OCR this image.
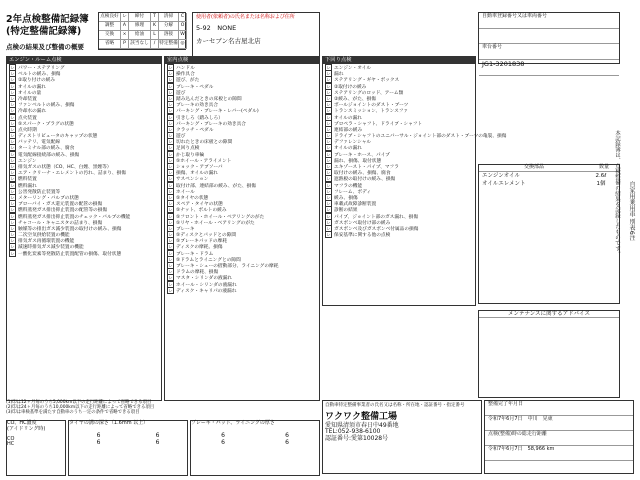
2年点検整備記録簿
(特定整備記録簿)
点検の結果及び整備の概要
点検良好 レ	締付	T	清掃	C
調整	A	修理	K	分解	O
交換	×	給油	L	溶接	W
省略	P 該当なし	/ 特定整備 ◎
使用者(依頼者)の氏名または名称および住所
5-92　NONE
カーセブン名古屋北店
自動車登録番号又は車両番号
車台番号
JG1-3201838
エンジン・ルーム点検
レ パワー・ステアリング
レ ベルトの緩み、損傷
レ ②取り付けの緩み
レ オイルの漏れ
レ オイルの量
レ 冷却装置
レ ファンベルトの緩み、損傷
レ 冷却水の漏れ
レ 点火装置
レ ⑤スパーク・プラグの状態
レ 点火時期
レ ディストリビュータのキャップの状態
レ バッテリ、電気配線
レ ターミナル部の緩み、腐食
レ 電気配線接続部の緩み、損傷
レ エンジン
レ 排気ガスの状態（CO、HC、白煙、黒煙等）
レ エア・クリーナ・エレメントの汚れ、詰まり、損傷
レ 燃料装置
レ 燃料漏れ
レ 公害発散防止装置等
レ メターリング・バルブの状態
レ ブローバイ・ガス還元装置の配管の損傷
レ 燃料蒸発ガス排出抑止装置の配管等の損傷
レ 燃料蒸発ガス排出抑止装置のチェック・バルブの機能
レ チャコール・キャニスタの詰まり、損傷
レ 触媒等の排出ガス減少装置の取付けの緩み、損傷
レ 二次空気供給装置の機能
レ 排気ガス再循環装置の機能
レ 減速時排気ガス減少装置の機能
レ 一酸化炭素等発散防止装置配管の損傷、取付状態
室内点検
レ ハンドル
レ 操作具合
レ 遊び、がた
レ ブレーキ・ペダル
レ 遊び
レ 踏み込んだときの床板との隙間
レ ブレーキの効き具合
レ パーキング・ブレーキ・レバー(ペダル)
レ 引きしろ（踏みしろ）
レ パーキング・ブレーキの効き具合
レ クラッチ・ペダル
レ 遊び
レ 切れたときの床板との隙間
レ 足回り点検
レ かじ取り車輪
レ ⑤ホイール・アライメント
レ ショック・アブソーバ
レ 損傷、オイルの漏れ
レ サスペンション
レ 取付け部、連結部の緩み、がた、損傷
レ ホイール
レ ⑤タイヤの状態
レ スペア・タイヤの状態
レ ⑤ナット、ボルトの緩み
レ ⑤フロント・ホイール・ベアリングのがた
レ ⑤リヤ・ホイール・ベアリングのがた
レ ブレーキ
レ ⑤ディスクとパッドとの隙間
レ ⑤ブレーキパッドの摩耗
レ ディスクの摩耗、損傷
レ ブレーキ・ドラム
レ ⑤ドラムとライニングとの隙間
レ ブレーキ・シューの摺動部分、ライニングの摩耗
レ ドラムの摩耗、損傷
レ マスタ・シリンダの液漏れ
レ ホイール・シリンダの液漏れ
レ ディスク・キャリパの液漏れ
下回り点検
レ エンジン・オイル
レ 漏れ
レ ステアリング・ギヤ・ボックス
レ ②取付けの緩み
レ ステアリングのロッド、アーム類
レ ②緩み、がた、損傷
レ ボールジョイントのダスト・ブーツ
レ トランスミッション、トランスファ
レ オイルの漏れ
レ プロペラ・シャフト、ドライブ・シャフト
レ 連結部の緩み
レ ドライブ・シャフトのユニバーサル・ジョイント部のダスト・ブーツの亀裂、損傷
レ デファレンシャル
レ オイルの漏れ
レ ブレーキ・ホース、パイプ
レ 漏れ、損傷、取付状態
レ エキゾースト・パイプ、マフラ
レ 取付けの緩み、損傷、腐食
レ 遮熱板の取付けの緩み、損傷
レ マフラの機能
レ フレーム、ボディ
レ 緩み、損傷
レ 車載式故障診断装置
レ 診断の結果
レ パイプ、ジョイント部のガス漏れ、損傷
レ ガスボンベ取付け部の緩み
レ ガスボンベ及びガスボンベ付属品の損傷
レ 保安基準に関する他の点検
交換部品	数量
エンジンオイル	2.6ℓ
オイルエレメント	1個
メンテナンスに関するアドバイス
自家用乗用車 別表6注
本記録簿は、点検整備の結果を記録したものです。
(1)印は12ヶ月毎のうち5,000km以下の走行距離によって省略できる項目
(2)印は24ヶ月毎のうち10,000km以下の走行距離によって省略できる項目
(3)印は車検基準を満たす自動車のうち一定の条件で省略できる項目
CO、HC濃度
(アイドリング時)
CO
HC
タイヤの溝の深さ（1.6mm 以上）
6	6
6	6
ブレーキ・パッド、ライニングの厚さ
6	6
6	6
自動車特定整備事業者の氏名又は名称・所在地・認証番号・指定番号
ワクワク整備工場
愛知県清須市春日中49番地
TEL:052-938-6100
認証番号:愛第10028号
整備完了年月日
令和7年6月7日　 中川　晃東
点検(整備)時の総走行距離
令和7年6月7日　 58,966 km
